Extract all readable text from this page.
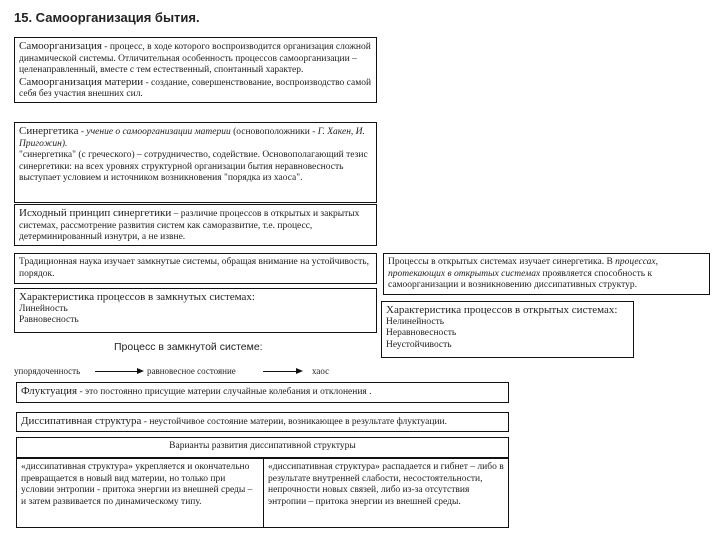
15. Самоорганизация бытия.
Самоорганизация - процесс, в ходе которого воспроизводится организация сложной динамической системы. Отличительная особенность процессов самоорганизации – целенаправленный, вместе с тем естественный, спонтанный характер. Самоорганизация материи - создание, совершенствование, воспроизводство самой себя без участия внешних сил.
Синергетика - учение о самоорганизации материи (основоположники - Г. Хакен, И. Пригожин).
"синергетика" (с греческого) – сотрудничество, содействие. Основополагающий тезис синергетики: на всех уровнях структурной организации бытия неравновесность выступает условием и источником возникновения "порядка из хаоса".
Исходный принцип синергетики – различие процессов в открытых и закрытых системах, рассмотрение развития систем как саморазвитие, т.е. процесс, детерминированный изнутри, а не извне.
Традиционная наука изучает замкнутые системы, обращая внимание на устойчивость, порядок.
Характеристика процессов в замкнутых системах:
Линейность
Равновесность
Процессы в открытых системах изучает синергетика. В процессах, протекающих в открытых системах проявляется способность к самоорганизации и возникновению диссипативных структур.
Характеристика процессов в открытых системах:
Нелинейность
Неравновесность
Неустойчивость
Процесс в замкнутой системе:
упорядоченность	равновесное состояние	хаос
Флуктуация - это постоянно присущие материи случайные колебания и отклонения .
Диссипативная структура - неустойчивое состояние материи, возникающее в результате флуктуации.
Варианты развития диссипативной структуры
«диссипативная структура» укрепляется и окончательно превращается в новый вид материи, но только при условии энтропии - притока энергии из внешней среды – и затем развивается по динамическому типу.
«диссипативная структура» распадается и гибнет – либо в результате внутренней слабости, несостоятельности, непрочности новых связей, либо из-за отсутствия энтропии – притока энергии из внешней среды.
